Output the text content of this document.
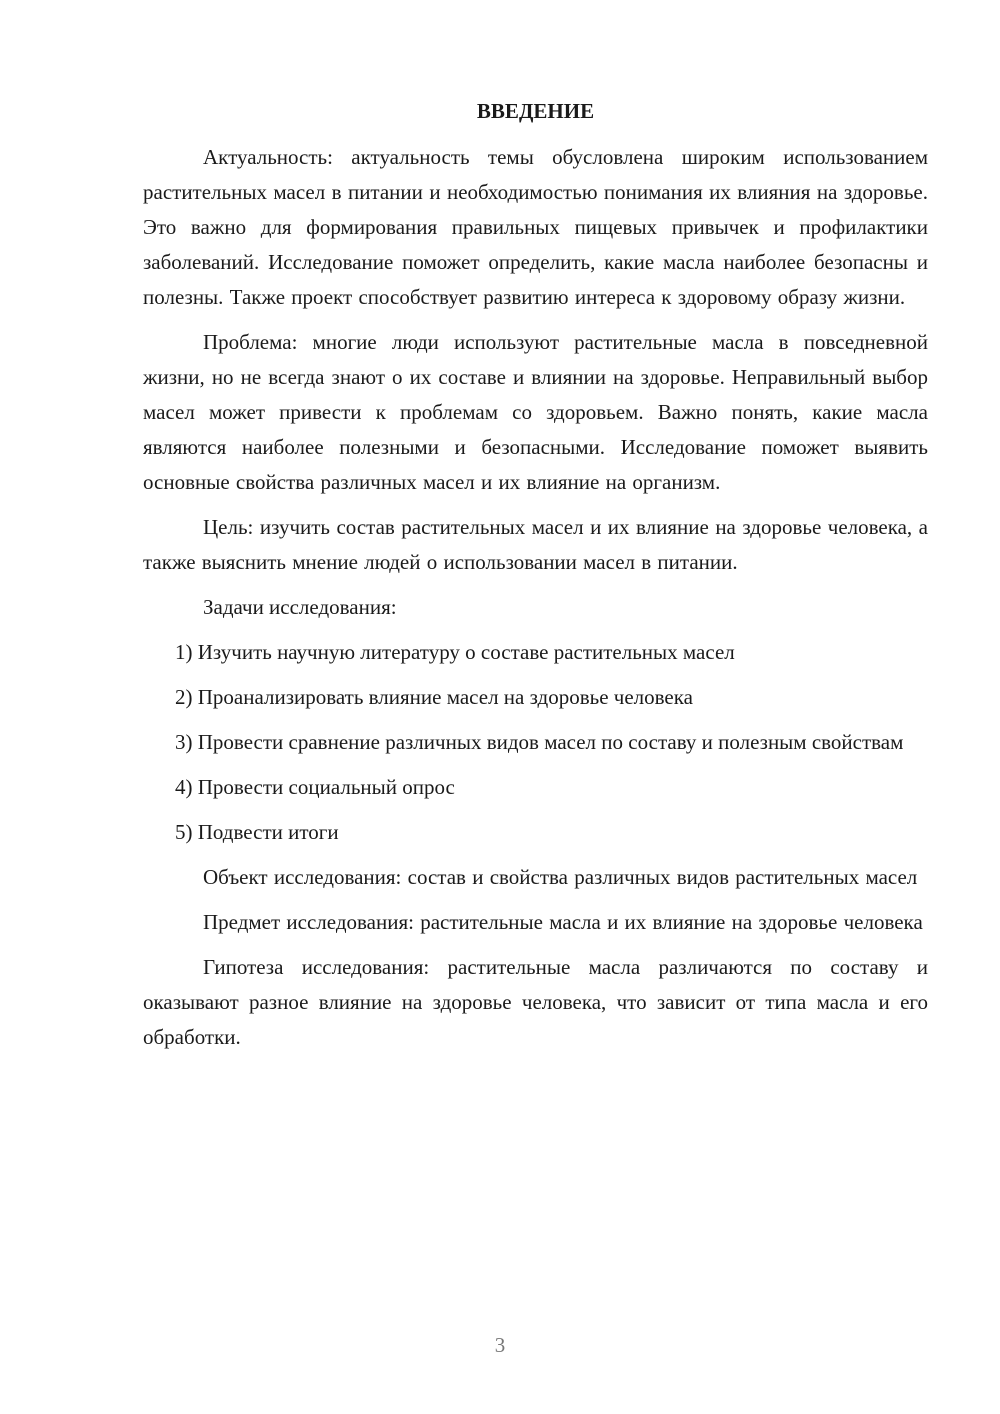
ВВЕДЕНИЕ

Актуальность: актуальность темы обусловлена широким использованием растительных масел в питании и необходимостью понимания их влияния на здоровье. Это важно для формирования правильных пищевых привычек и профилактики заболеваний. Исследование поможет определить, какие масла наиболее безопасны и полезны. Также проект способствует развитию интереса к здоровому образу жизни.

Проблема: многие люди используют растительные масла в повседневной жизни, но не всегда знают о их составе и влиянии на здоровье. Неправильный выбор масел может привести к проблемам со здоровьем. Важно понять, какие масла являются наиболее полезными и безопасными. Исследование поможет выявить основные свойства различных масел и их влияние на организм.

Цель: изучить состав растительных масел и их влияние на здоровье человека, а также выяснить мнение людей о использовании масел в питании.

Задачи исследования:

1) Изучить научную литературу о составе растительных масел

2) Проанализировать влияние масел на здоровье человека

3) Провести сравнение различных видов масел по составу и полезным свойствам

4) Провести социальный опрос

5) Подвести итоги

Объект исследования: состав и свойства различных видов растительных масел

Предмет исследования: растительные масла и их влияние на здоровье человека

Гипотеза исследования: растительные масла различаются по составу и оказывают разное влияние на здоровье человека, что зависит от типа масла и его обработки.

3
